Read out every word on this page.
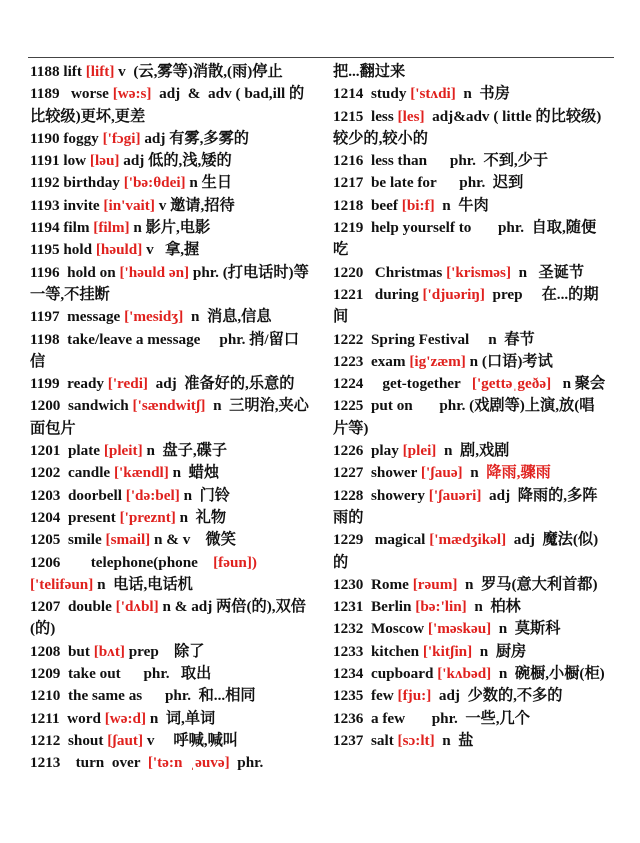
1188 lift [lift] v  (云,雾等)消散,(雨)停止

1189   worse [wə:s]  adj  &  adv ( bad,ill 的比较级)更坏,更差

1190 foggy ['fɔgi] adj 有雾,多雾的

1191 low [ləu] adj 低的,浅,矮的

1192 birthday ['bə:θdei] n 生日

1193 invite [in'vait] v 邀请,招待

1194 film [film] n 影片,电影

1195 hold [həuld] v   拿,握

1196  hold on ['həuld ən] phr. (打电话时)等一等,不挂断

1197  message ['mesidʒ]  n  消息,信息

1198  take/leave a message     phr. 捎/留口信

1199  ready ['redi]  adj  准备好的,乐意的

1200  sandwich ['sændwitʃ]  n  三明治,夹心面包片

1201  plate [pleit] n  盘子,碟子

1202  candle ['kændl] n  蜡烛

1203  doorbell ['də:bel] n  门铃

1204  present ['preznt] n  礼物

1205  smile [smail] n & v    微笑

1206        telephone(phone    [fəun]) ['telifəun] n  电话,电话机

1207  double ['dʌbl] n & adj 两倍(的),双倍(的)

1208  but [bʌt] prep    除了

1209  take out      phr.   取出

1210  the same as      phr.  和...相同

1211  word [wə:d] n  词,单词

1212  shout [ʃaut] v     呼喊,喊叫

1213    turn  over  ['tə:n  ˌəuvə]  phr.

把...翻过来

1214  study ['stʌdi]  n  书房

1215  less [les]  adj&adv ( little 的比较级)较少的,较小的

1216  less than      phr.  不到,少于

1217  be late for      phr.  迟到

1218  beef [bi:f]  n  牛肉

1219  help yourself to       phr.  自取,随便吃

1220   Christmas ['krisməs]  n   圣诞节

1221   during ['djuəriŋ]  prep     在...的期间

1222  Spring Festival     n  春节

1223  exam [ig'zæm] n (口语)考试

1224     get-together   ['gettəˌgeðə]   n 聚会

1225  put on       phr. (戏剧等)上演,放(唱片等)

1226  play [plei]  n  剧,戏剧

1227  shower ['ʃauə]  n  降雨,骤雨

1228  showery ['ʃauəri]  adj  降雨的,多阵雨的

1229   magical ['mædʒikəl]  adj  魔法(似)的

1230  Rome [rəum]  n  罗马(意大利首都)

1231  Berlin [bə:'lin]  n  柏林

1232  Moscow ['məskəu]  n  莫斯科

1233  kitchen ['kitʃin]  n  厨房

1234  cupboard ['kʌbəd]  n  碗橱,小橱(柜)

1235  few [fju:]  adj  少数的,不多的

1236  a few       phr.  一些,几个

1237  salt [sɔ:lt]  n  盐
